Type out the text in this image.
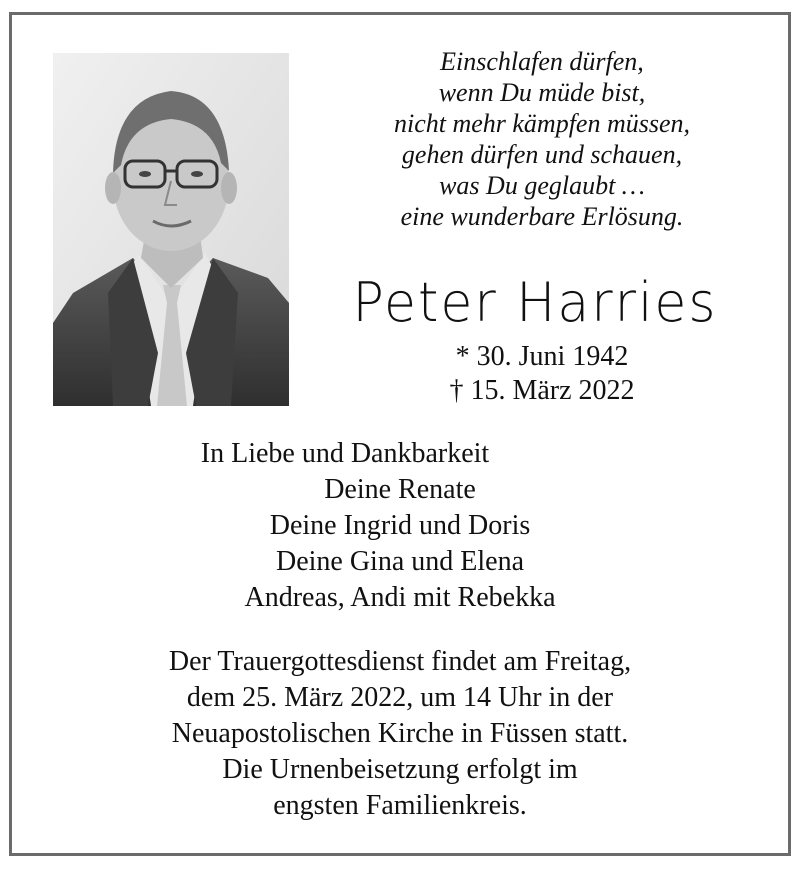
Einschlafen dürfen,
wenn Du müde bist,
nicht mehr kämpfen müssen,
gehen dürfen und schauen,
was Du geglaubt …
eine wunderbare Erlösung.
Peter Harries
* 30. Juni 1942
† 15. März 2022
In Liebe und Dankbarkeit
Deine Renate
Deine Ingrid und Doris
Deine Gina und Elena
Andreas, Andi mit Rebekka
Der Trauergottesdienst findet am Freitag,
dem 25. März 2022, um 14 Uhr in der
Neuapostolischen Kirche in Füssen statt.
Die Urnenbeisetzung erfolgt im
engsten Familienkreis.
